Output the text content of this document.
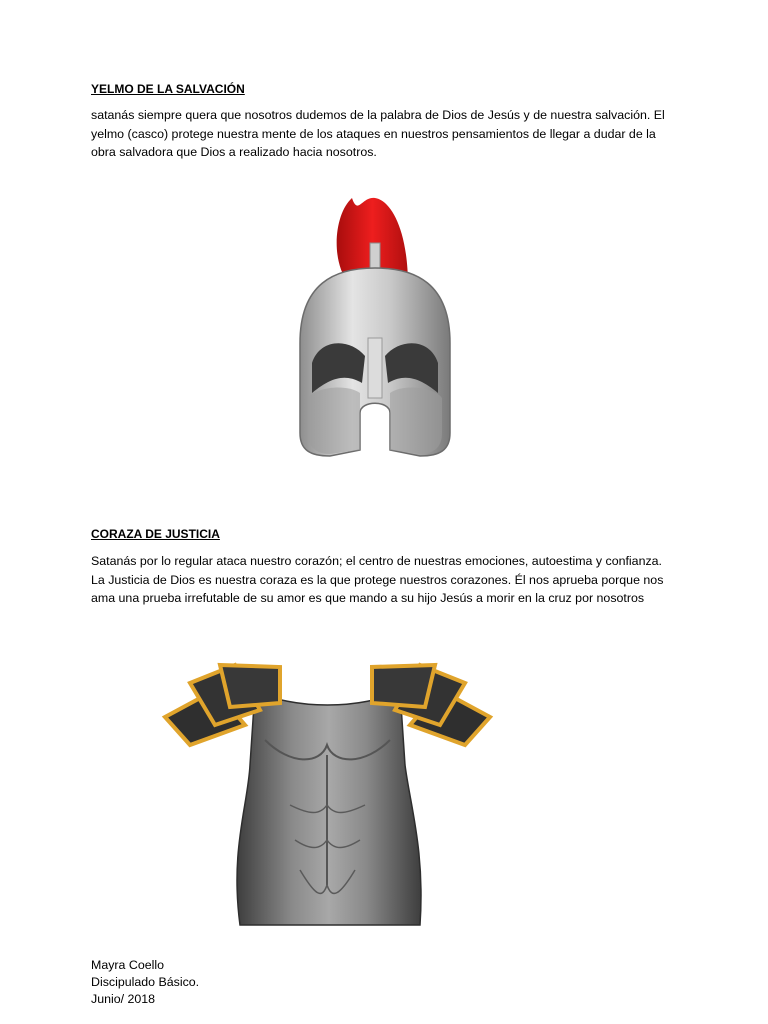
YELMO DE LA SALVACIÓN

satanás siempre quera que nosotros dudemos de la palabra de Dios de Jesús y de nuestra salvación. El

yelmo (casco) protege nuestra mente de los ataques en nuestros pensamientos de llegar a dudar de la

obra salvadora que Dios a realizado hacia nosotros.

CORAZA DE JUSTICIA

Satanás por lo regular ataca nuestro corazón; el centro de nuestras emociones, autoestima y confianza.

La Justicia de Dios es nuestra coraza es la que protege nuestros corazones. Él nos aprueba porque nos

ama una prueba irrefutable de su amor es que mando a su hijo Jesús a morir en la cruz por nosotros

Mayra Coello
Discipulado Básico.
Junio/ 2018
